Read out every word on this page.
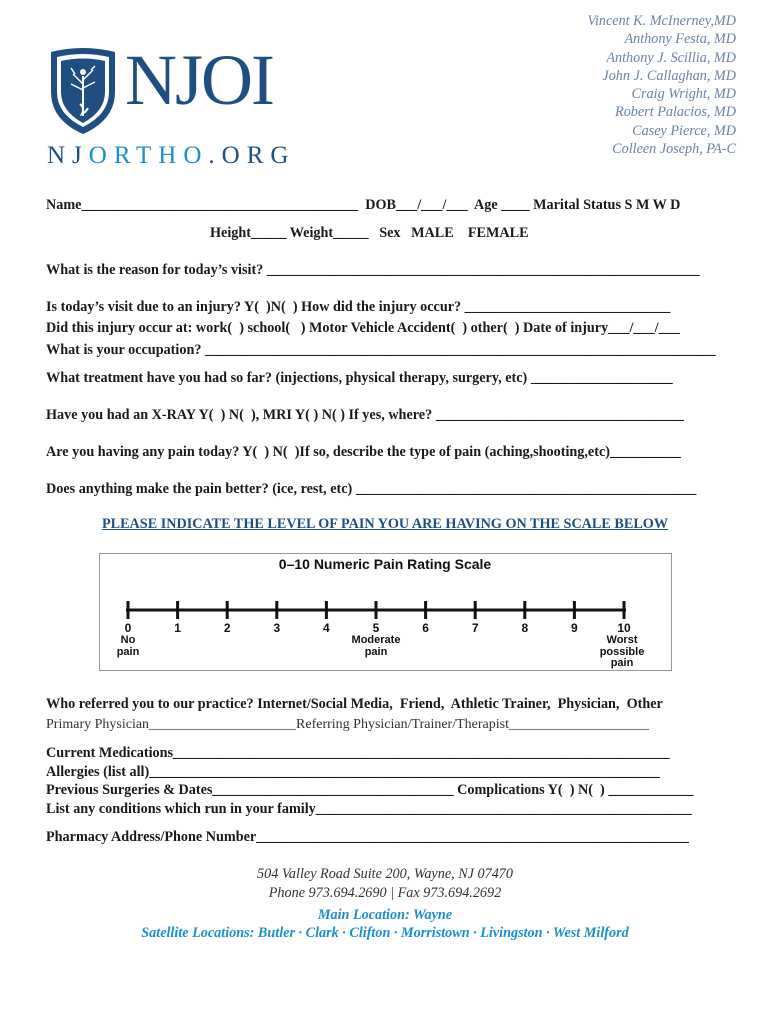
NJOI
NJORTHO.ORG
Vincent K. McInerney,MD
Anthony Festa, MD
Anthony J. Scillia, MD
John J. Callaghan, MD
Craig Wright, MD
Robert Palacios, MD
Casey Pierce, MD
Colleen Joseph, PA-C
Name_______________________________________  DOB___/___/___  Age ____ Marital Status S M W D
Height_____ Weight_____   Sex   MALE    FEMALE
What is the reason for today’s visit? _____________________________________________________________
Is today’s visit due to an injury? Y(  )N(  ) How did the injury occur? _____________________________
Did this injury occur at: work(  ) school(   ) Motor Vehicle Accident(  ) other(  ) Date of injury___/___/___
What is your occupation? ________________________________________________________________________
What treatment have you had so far? (injections, physical therapy, surgery, etc) ____________________
Have you had an X-RAY Y(  ) N(  ), MRI Y( ) N( ) If yes, where? ___________________________________
Are you having any pain today? Y(  ) N(  )If so, describe the type of pain (aching,shooting,etc)__________
Does anything make the pain better? (ice, rest, etc) ________________________________________________
PLEASE INDICATE THE LEVEL OF PAIN YOU ARE HAVING ON THE SCALE BELOW
0–10 Numeric Pain Rating Scale
0	1	2	3	4	5	6	7	8	9	10
No
pain
Moderate
pain
Worst
possible
pain
Who referred you to our practice? Internet/Social Media,  Friend,  Athletic Trainer,  Physician,  Other
Primary Physician_____________________Referring Physician/Trainer/Therapist____________________
Current Medications______________________________________________________________________
Allergies (list all)________________________________________________________________________
Previous Surgeries & Dates__________________________________ Complications Y(  ) N(  ) ____________
List any conditions which run in your family_____________________________________________________
Pharmacy Address/Phone Number_____________________________________________________________
504 Valley Road Suite 200, Wayne, NJ 07470
Phone 973.694.2690 | Fax 973.694.2692
Main Location: Wayne
Satellite Locations: Butler · Clark · Clifton · Morristown · Livingston · West Milford
